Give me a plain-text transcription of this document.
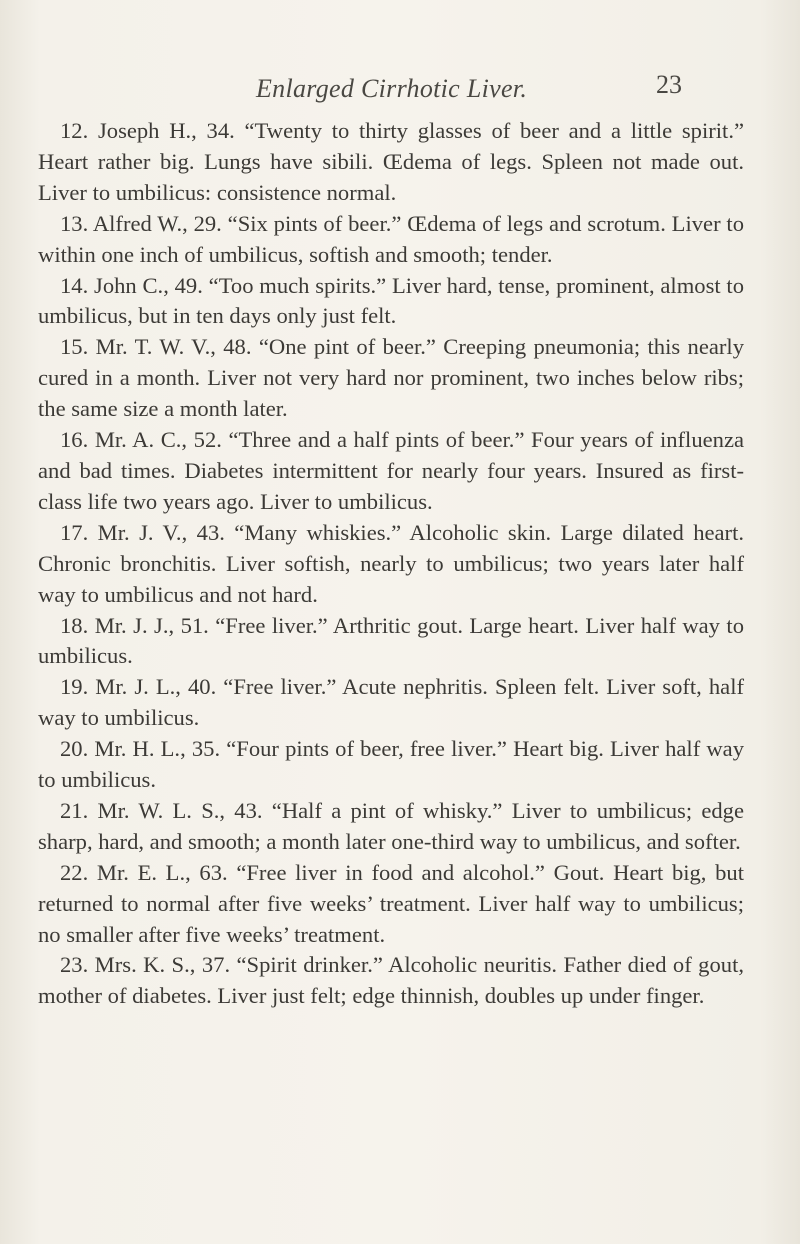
Enlarged Cirrhotic Liver.	23

12. Joseph H., 34. “Twenty to thirty glasses of beer and a little spirit.” Heart rather big. Lungs have sibili. Œdema of legs. Spleen not made out. Liver to umbilicus: consistence normal.

13. Alfred W., 29. “Six pints of beer.” Œdema of legs and scrotum. Liver to within one inch of umbilicus, softish and smooth; tender.

14. John C., 49. “Too much spirits.” Liver hard, tense, prominent, almost to umbilicus, but in ten days only just felt.

15. Mr. T. W. V., 48. “One pint of beer.” Creeping pneumonia; this nearly cured in a month. Liver not very hard nor prominent, two inches below ribs; the same size a month later.

16. Mr. A. C., 52. “Three and a half pints of beer.” Four years of influenza and bad times. Diabetes intermittent for nearly four years. Insured as first-class life two years ago. Liver to umbilicus.

17. Mr. J. V., 43. “Many whiskies.” Alcoholic skin. Large dilated heart. Chronic bronchitis. Liver softish, nearly to umbilicus; two years later half way to umbilicus and not hard.

18. Mr. J. J., 51. “Free liver.” Arthritic gout. Large heart. Liver half way to umbilicus.

19. Mr. J. L., 40. “Free liver.” Acute nephritis. Spleen felt. Liver soft, half way to umbilicus.

20. Mr. H. L., 35. “Four pints of beer, free liver.” Heart big. Liver half way to umbilicus.

21. Mr. W. L. S., 43. “Half a pint of whisky.” Liver to umbilicus; edge sharp, hard, and smooth; a month later one-third way to umbilicus, and softer.

22. Mr. E. L., 63. “Free liver in food and alcohol.” Gout. Heart big, but returned to normal after five weeks’ treatment. Liver half way to umbilicus; no smaller after five weeks’ treatment.

23. Mrs. K. S., 37. “Spirit drinker.” Alcoholic neuritis. Father died of gout, mother of diabetes. Liver just felt; edge thinnish, doubles up under finger.
